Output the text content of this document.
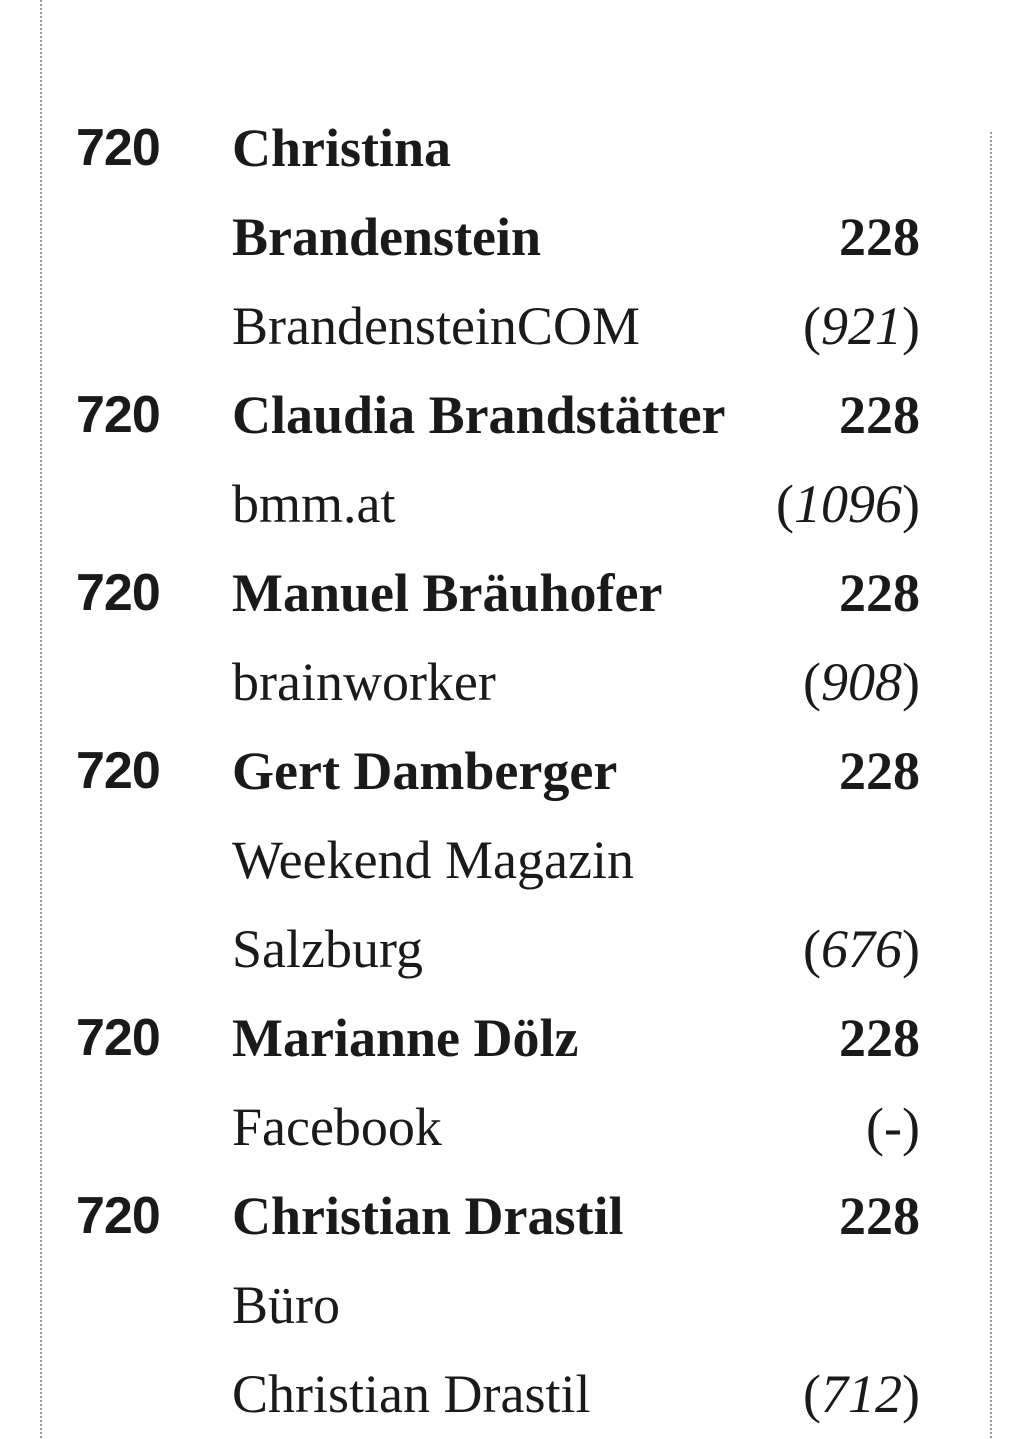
720 Christina
Brandenstein	228
BrandensteinCOM	(921)
720 Claudia Brandstätter 228
bmm.at	(1096)
720 Manuel Bräuhofer	228
brainworker	(908)
720 Gert Damberger	228
Weekend Magazin
Salzburg	(676)
720 Marianne Dölz	228
Facebook	(-)
720 Christian Drastil	228
Büro
Christian Drastil	(712)
